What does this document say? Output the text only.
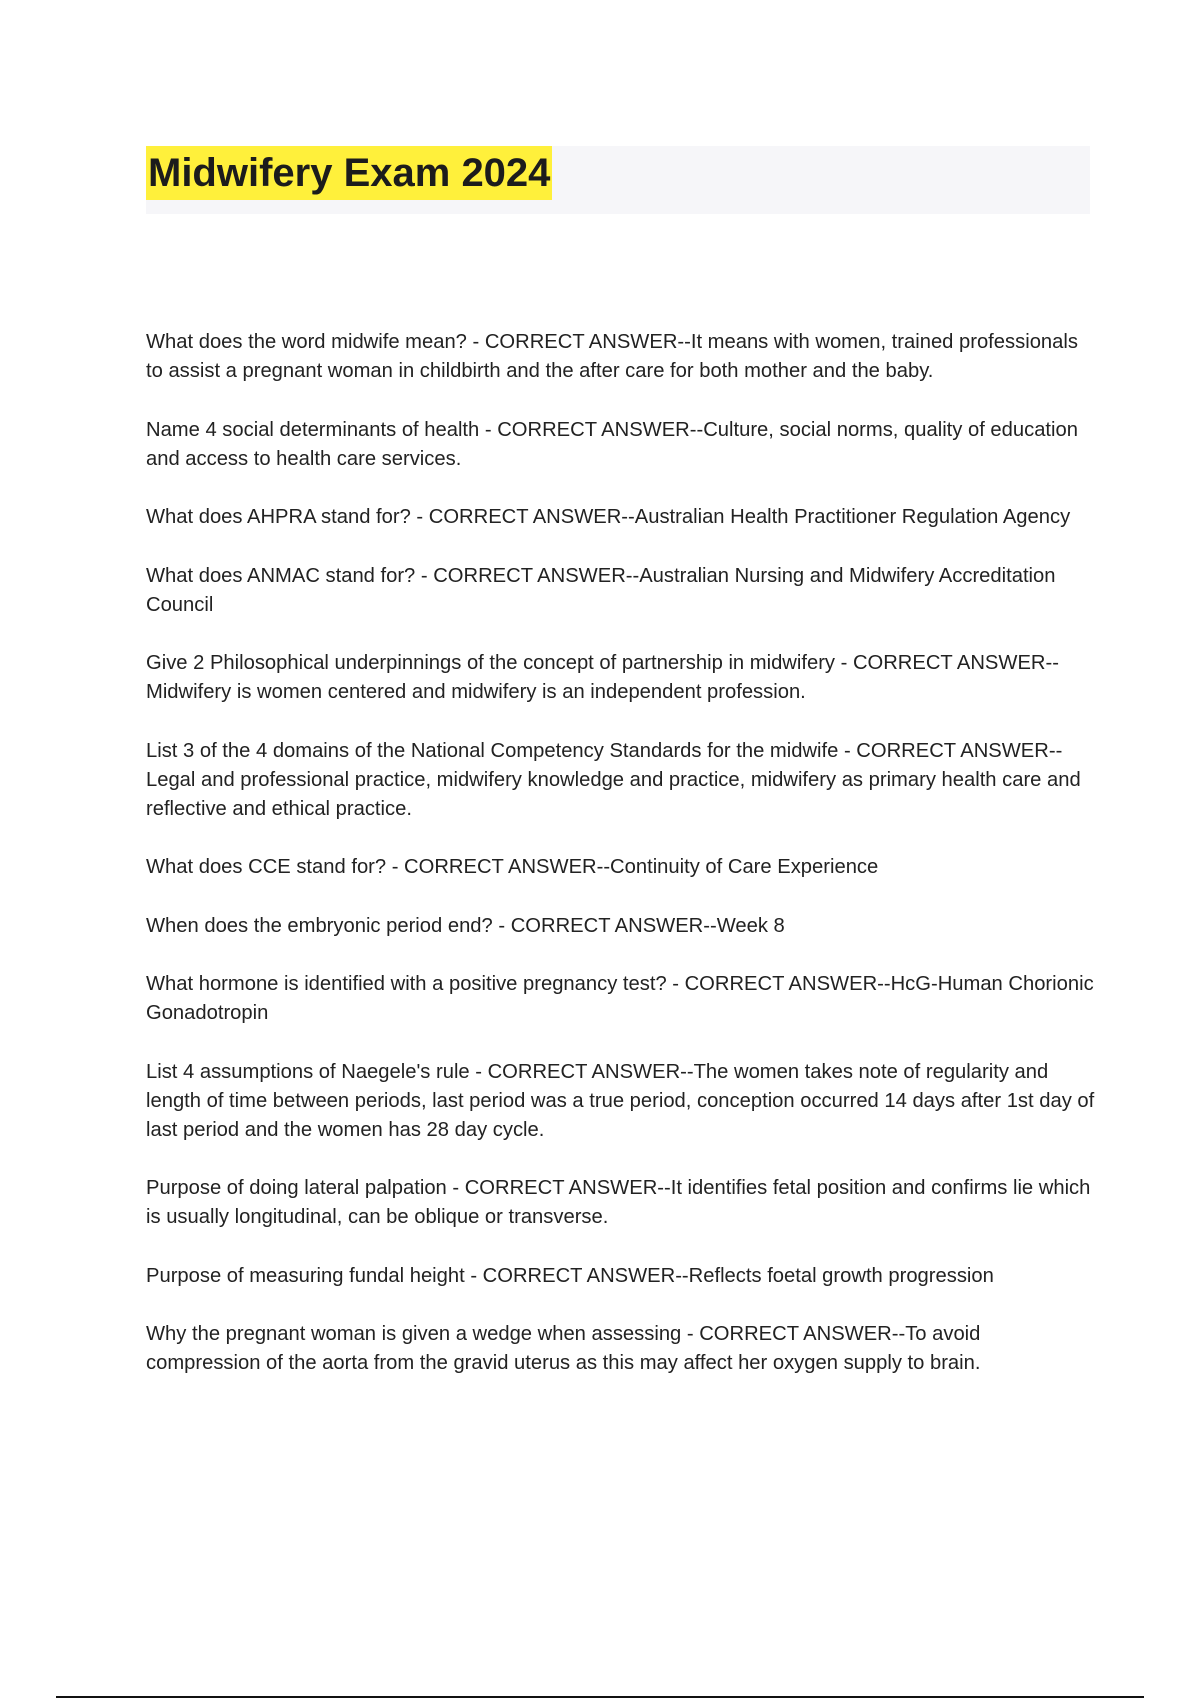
Midwifery Exam 2024
What does the word midwife mean? - CORRECT ANSWER--It means with women, trained professionals to assist a pregnant woman in childbirth and the after care for both mother and the baby.
Name 4 social determinants of health - CORRECT ANSWER--Culture, social norms, quality of education and access to health care services.
What does AHPRA stand for? - CORRECT ANSWER--Australian Health Practitioner Regulation Agency
What does ANMAC stand for? - CORRECT ANSWER--Australian Nursing and Midwifery Accreditation Council
Give 2 Philosophical underpinnings of the concept of partnership in midwifery - CORRECT ANSWER--Midwifery is women centered and midwifery is an independent profession.
List 3 of the 4 domains of the National Competency Standards for the midwife - CORRECT ANSWER--Legal and professional practice, midwifery knowledge and practice, midwifery as primary health care and reflective and ethical practice.
What does CCE stand for? - CORRECT ANSWER--Continuity of Care Experience
When does the embryonic period end? - CORRECT ANSWER--Week 8
What hormone is identified with a positive pregnancy test? - CORRECT ANSWER--HcG-Human Chorionic Gonadotropin
List 4 assumptions of Naegele's rule - CORRECT ANSWER--The women takes note of regularity and length of time between periods, last period was a true period, conception occurred 14 days after 1st day of last period and the women has 28 day cycle.
Purpose of doing lateral palpation - CORRECT ANSWER--It identifies fetal position and confirms lie which is usually longitudinal, can be oblique or transverse.
Purpose of measuring fundal height - CORRECT ANSWER--Reflects foetal growth progression
Why the pregnant woman is given a wedge when assessing - CORRECT ANSWER--To avoid compression of the aorta from the gravid uterus as this may affect her oxygen supply to brain.
